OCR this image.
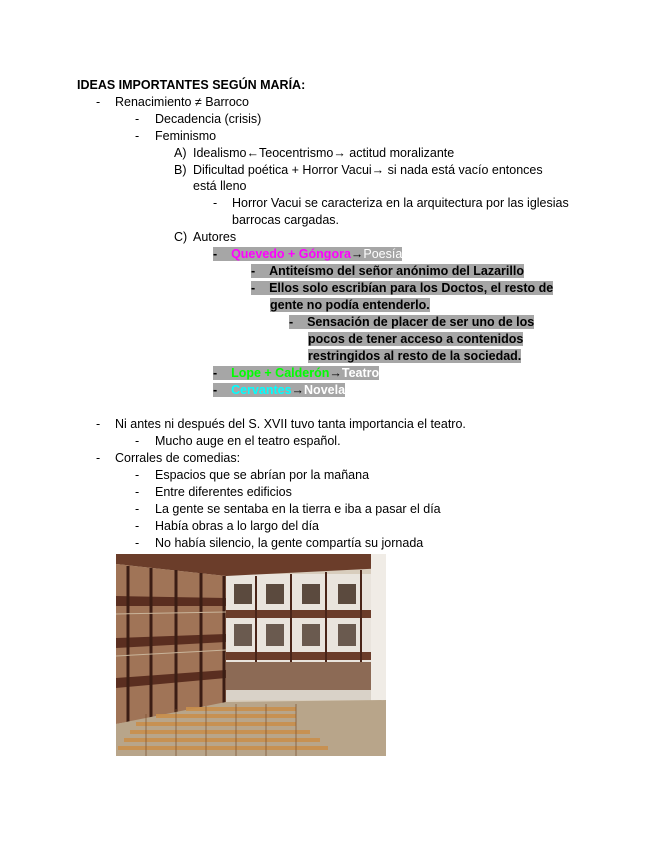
IDEAS IMPORTANTES SEGÚN MARÍA:
- Renacimiento ≠ Barroco
- Decadencia (crisis)
- Feminismo
A) Idealismo←Teocentrismo→ actitud moralizante
B) Dificultad poética + Horror Vacui→ si nada está vacío entonces
está lleno
- Horror Vacui se caracteriza en la arquitectura por las iglesias
barrocas cargadas.
C) Autores
- Quevedo + Góngora→Poesía
- Antiteísmo del señor anónimo del Lazarillo
- Ellos solo escribían para los Doctos, el resto de
gente no podía entenderlo.
- Sensación de placer de ser uno de los
pocos de tener acceso a contenidos
restringidos al resto de la sociedad.
- Lope + Calderón→Teatro
- Cervantes→Novela
- Ni antes ni después del S. XVII tuvo tanta importancia el teatro.
- Mucho auge en el teatro español.
- Corrales de comedias:
- Espacios que se abrían por la mañana
- Entre diferentes edificios
- La gente se sentaba en la tierra e iba a pasar el día
- Había obras a lo largo del día
- No había silencio, la gente compartía su jornada
